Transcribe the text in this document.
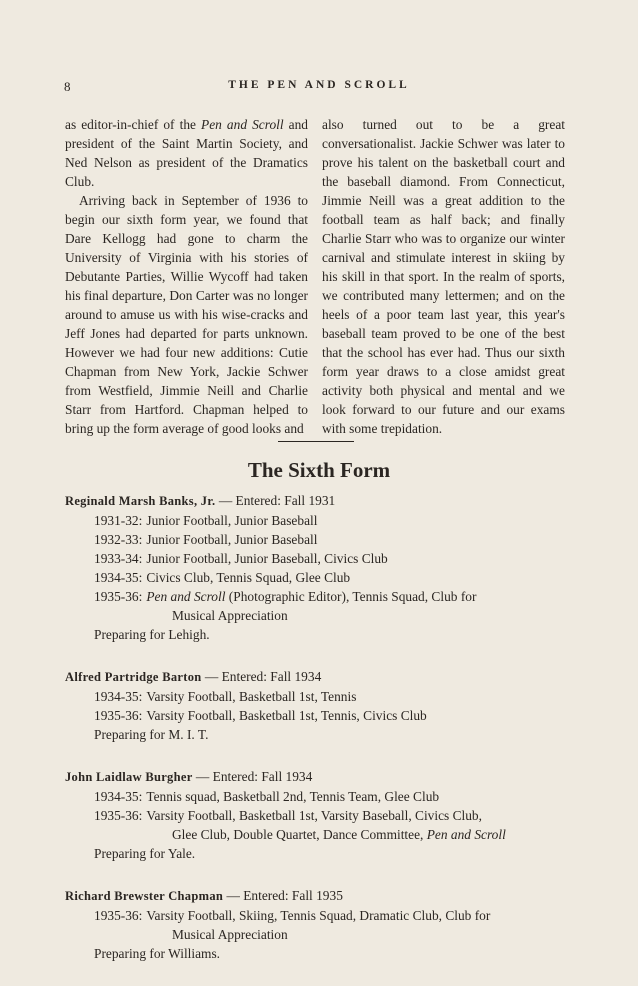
8	THE PEN AND SCROLL

as editor-in-chief of the Pen and Scroll and president of the Saint Martin Society, and Ned Nelson as president of the Dramatics Club.

Arriving back in September of 1936 to begin our sixth form year, we found that Dare Kellogg had gone to charm the University of Virginia with his stories of Debutante Parties, Willie Wycoff had taken his final departure, Don Carter was no longer around to amuse us with his wise-cracks and Jeff Jones had departed for parts unknown. However we had four new additions: Cutie Chapman from New York, Jackie Schwer from Westfield, Jimmie Neill and Charlie Starr from Hartford. Chapman helped to bring up the form average of good looks and

also turned out to be a great conversationalist. Jackie Schwer was later to prove his talent on the basketball court and the baseball diamond. From Connecticut, Jimmie Neill was a great addition to the football team as half back; and finally Charlie Starr who was to organize our winter carnival and stimulate interest in skiing by his skill in that sport. In the realm of sports, we contributed many lettermen; and on the heels of a poor team last year, this year's baseball team proved to be one of the best that the school has ever had. Thus our sixth form year draws to a close amidst great activity both physical and mental and we look forward to our future and our exams with some trepidation.

The Sixth Form
Reginald Marsh Banks, Jr. — Entered: Fall 1931
1931-32: Junior Football, Junior Baseball
1932-33: Junior Football, Junior Baseball
1933-34: Junior Football, Junior Baseball, Civics Club
1934-35: Civics Club, Tennis Squad, Glee Club
1935-36: Pen and Scroll (Photographic Editor), Tennis Squad, Club for
Musical Appreciation
Preparing for Lehigh.
Alfred Partridge Barton — Entered: Fall 1934
1934-35: Varsity Football, Basketball 1st, Tennis
1935-36: Varsity Football, Basketball 1st, Tennis, Civics Club
Preparing for M. I. T.
John Laidlaw Burgher — Entered: Fall 1934
1934-35: Tennis squad, Basketball 2nd, Tennis Team, Glee Club
1935-36: Varsity Football, Basketball 1st, Varsity Baseball, Civics Club,
Glee Club, Double Quartet, Dance Committee, Pen and Scroll
Preparing for Yale.
Richard Brewster Chapman — Entered: Fall 1935
1935-36: Varsity Football, Skiing, Tennis Squad, Dramatic Club, Club for
Musical Appreciation
Preparing for Williams.
